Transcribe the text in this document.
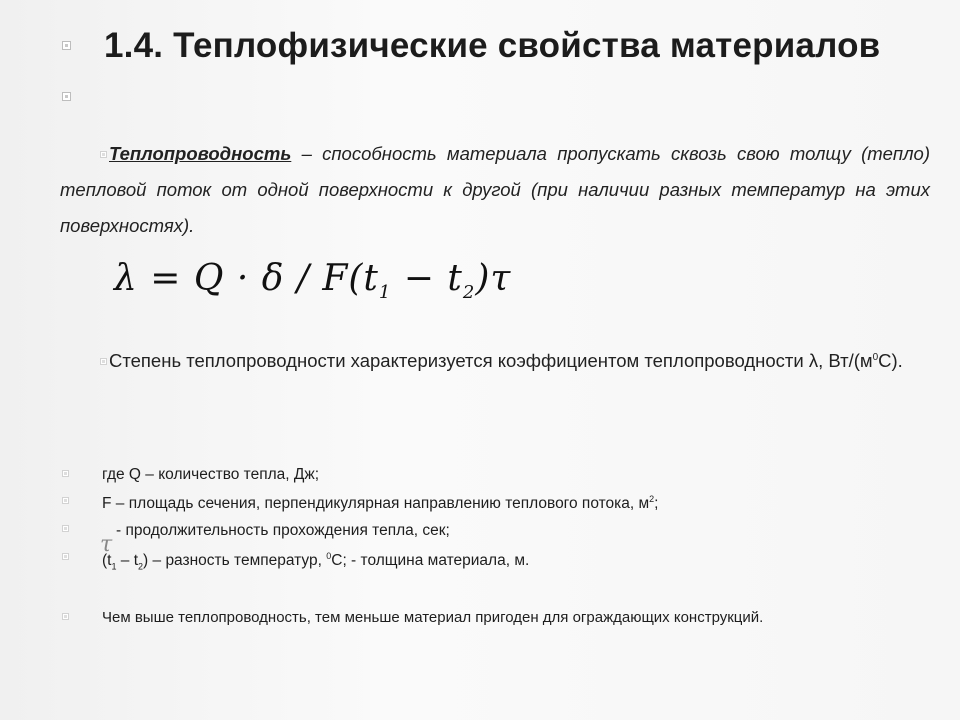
1.4. Теплофизические свойства материалов
Теплопроводность – способность материала пропускать сквозь свою толщу (тепло) тепловой поток от одной поверхности к другой (при наличии разных температур на этих поверхностях).
$\lambda = Q \cdot \delta / F(t_1 - t_2)\tau$
Степень теплопроводности характеризуется коэффициентом теплопроводности λ, $Вт/(м^0С)$.
где Q – количество тепла, Дж;
F – площадь сечения, перпендикулярная направлению теплового потока, $м^2$;
τ
- продолжительность прохождения тепла, сек;
$(t_1 - t_2)$ – разность температур, $^0$С; - толщина материала, м.
Чем выше теплопроводность, тем меньше материал пригоден для ограждающих конструкций.
